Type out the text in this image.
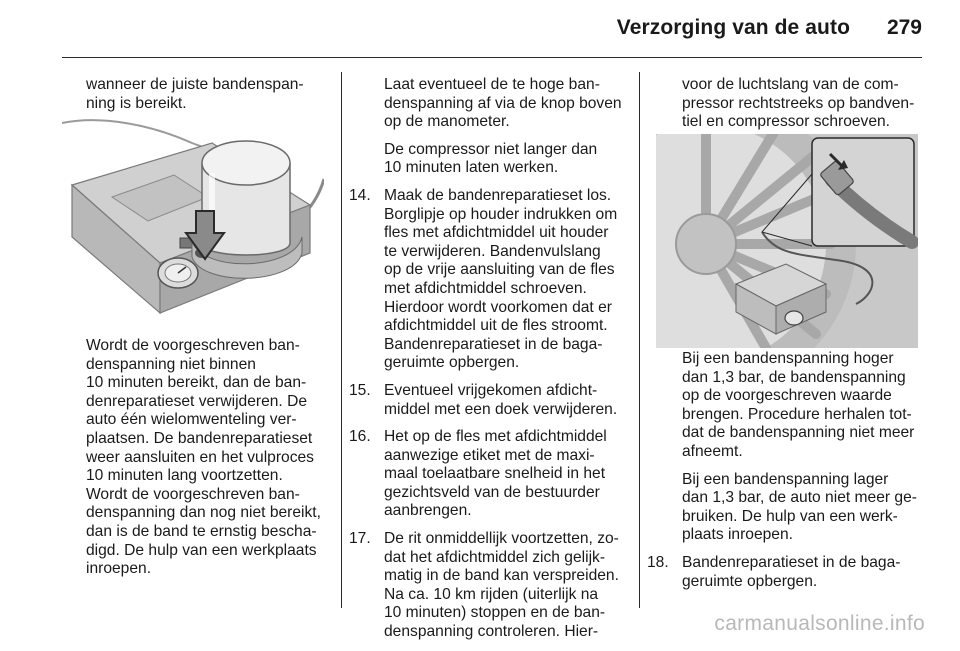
Verzorging van de auto	279

wanneer de juiste bandenspan-
ning is bereikt.

Wordt de voorgeschreven ban-
denspanning niet binnen
10 minuten bereikt, dan de ban-
denreparatieset verwijderen. De
auto één wielomwenteling ver-
plaatsen. De bandenreparatieset
weer aansluiten en het vulproces
10 minuten lang voortzetten.
Wordt de voorgeschreven ban-
denspanning dan nog niet bereikt,
dan is de band te ernstig bescha-
digd. De hulp van een werkplaats
inroepen.

Laat eventueel de te hoge ban-
denspanning af via de knop boven
op de manometer.

De compressor niet langer dan
10 minuten laten werken.

14. Maak de bandenreparatieset los.
Borglipje op houder indrukken om
fles met afdichtmiddel uit houder
te verwijderen. Bandenvulslang
op de vrije aansluiting van de fles
met afdichtmiddel schroeven.
Hierdoor wordt voorkomen dat er
afdichtmiddel uit de fles stroomt.
Bandenreparatieset in de baga-
geruimte opbergen.
15. Eventueel vrijgekomen afdicht-
middel met een doek verwijderen.
16. Het op de fles met afdichtmiddel
aanwezige etiket met de maxi-
maal toelaatbare snelheid in het
gezichtsveld van de bestuurder
aanbrengen.
17. De rit onmiddellijk voortzetten, zo-
dat het afdichtmiddel zich gelijk-
matig in de band kan verspreiden.
Na ca. 10 km rijden (uiterlijk na
10 minuten) stoppen en de ban-
denspanning controleren. Hier-

voor de luchtslang van de com-
pressor rechtstreeks op bandven-
tiel en compressor schroeven.

Bij een bandenspanning hoger
dan 1,3 bar, de bandenspanning
op de voorgeschreven waarde
brengen. Procedure herhalen tot-
dat de bandenspanning niet meer
afneemt.

Bij een bandenspanning lager
dan 1,3 bar, de auto niet meer ge-
bruiken. De hulp van een werk-
plaats inroepen.

18. Bandenreparatieset in de baga-
geruimte opbergen.
carmanualsonline.info
